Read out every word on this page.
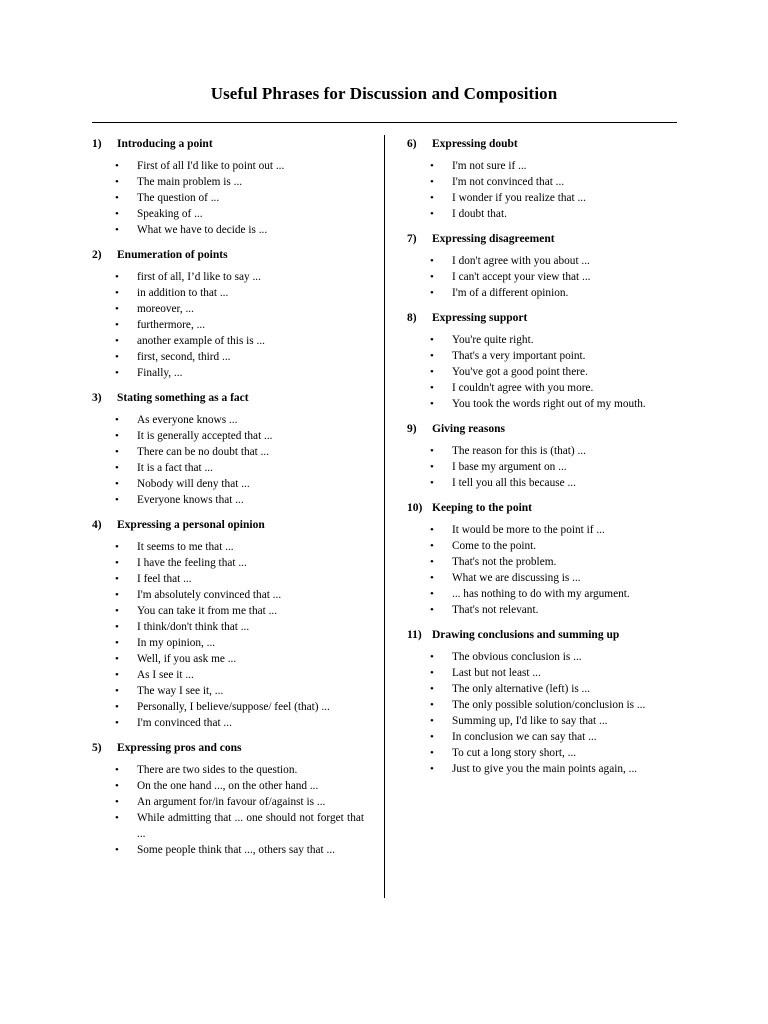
Useful Phrases for Discussion and Composition
1)	Introducing a point
• First of all I'd like to point out ...
• The main problem is ...
• The question of ...
• Speaking of ...
• What we have to decide is ...
2)	Enumeration of points
• first of all, I’d like to say ...
• in addition to that ...
• moreover, ...
• furthermore, ...
• another example of this is ...
• first, second, third ...
• Finally, ...
3)	Stating something as a fact
• As everyone knows ...
• It is generally accepted that ...
• There can be no doubt that ...
• It is a fact that ...
• Nobody will deny that ...
• Everyone knows that ...
4)	Expressing a personal opinion
• It seems to me that ...
• I have the feeling that ...
• I feel that ...
• I'm absolutely convinced that ...
• You can take it from me that ...
• I think/don't think that ...
• In my opinion, ...
• Well, if you ask me ...
• As I see it ...
• The way I see it, ...
• Personally, I believe/suppose/ feel (that) ...
• I'm convinced that ...
5)	Expressing pros and cons
• There are two sides to the question.
• On the one hand ..., on the other hand ...
• An argument for/in favour of/against is ...
• While admitting that ... one should not forget that ...
• Some people think that ..., others say that ...
6)	Expressing doubt
• I'm not sure if ...
• I'm not convinced that ...
• I wonder if you realize that ...
• I doubt that.
7)	Expressing disagreement
• I don't agree with you about ...
• I can't accept your view that ...
• I'm of a different opinion.
8)	Expressing support
• You're quite right.
• That's a very important point.
• You've got a good point there.
• I couldn't agree with you more.
• You took the words right out of my mouth.
9)	Giving reasons
• The reason for this is (that) ...
• I base my argument on ...
• I tell you all this because ...
10) Keeping to the point
• It would be more to the point if ...
• Come to the point.
• That's not the problem.
• What we are discussing is ...
• ... has nothing to do with my argument.
• That's not relevant.
11) Drawing conclusions and summing up
• The obvious conclusion is ...
• Last but not least ...
• The only alternative (left) is ...
• The only possible solution/conclusion is ...
• Summing up, I'd like to say that ...
• In conclusion we can say that ...
• To cut a long story short, ...
• Just to give you the main points again, ...
